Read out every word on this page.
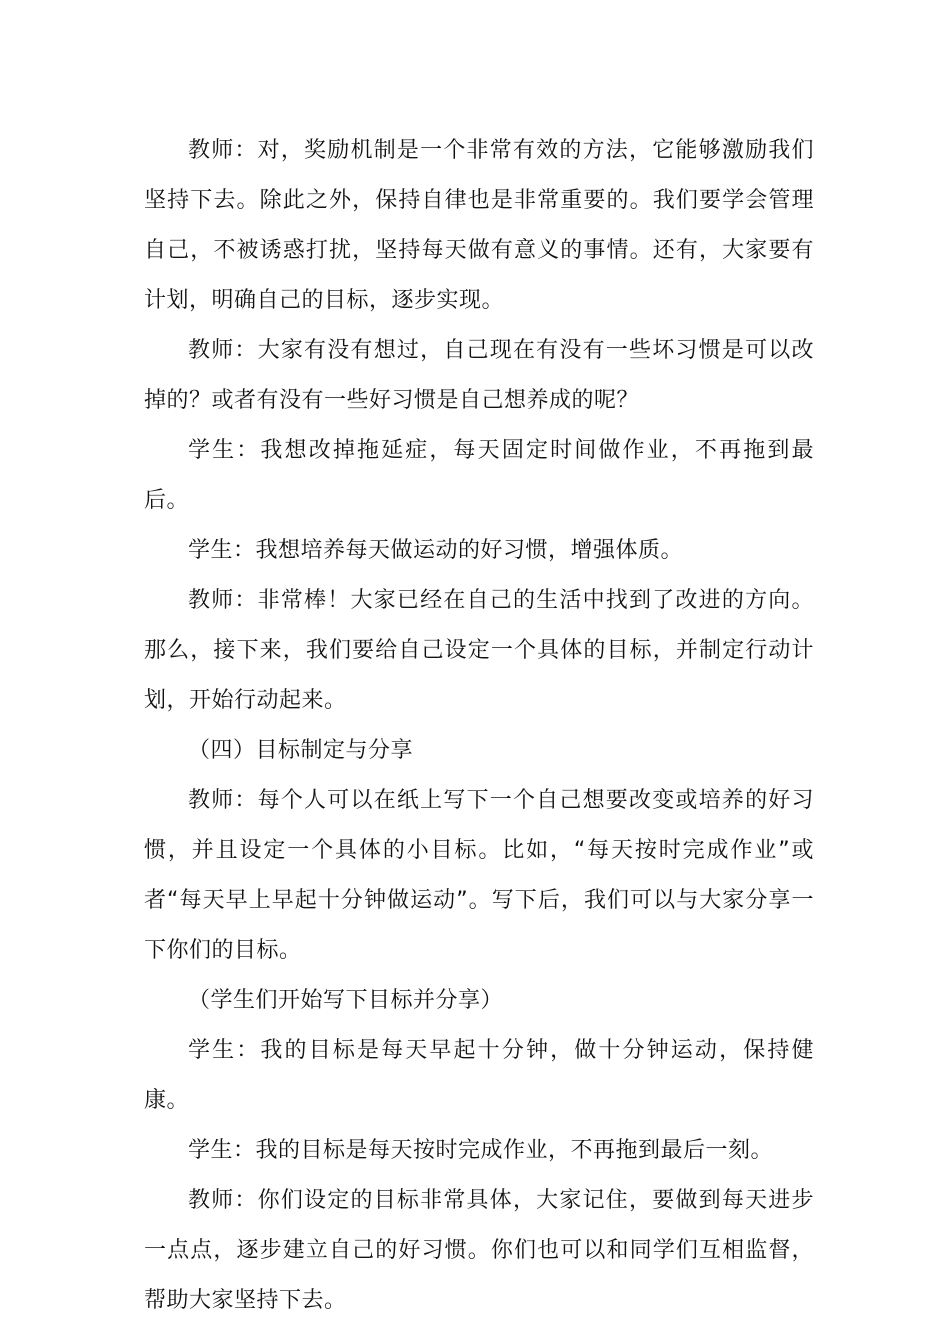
教师：对，奖励机制是一个非常有效的方法，它能够激励我们坚持下去。除此之外，保持自律也是非常重要的。我们要学会管理自己，不被诱惑打扰，坚持每天做有意义的事情。还有，大家要有计划，明确自己的目标，逐步实现。

教师：大家有没有想过，自己现在有没有一些坏习惯是可以改掉的？或者有没有一些好习惯是自己想养成的呢？

学生：我想改掉拖延症，每天固定时间做作业，不再拖到最后。

学生：我想培养每天做运动的好习惯，增强体质。

教师：非常棒！大家已经在自己的生活中找到了改进的方向。那么，接下来，我们要给自己设定一个具体的目标，并制定行动计划，开始行动起来。

（四）目标制定与分享

教师：每个人可以在纸上写下一个自己想要改变或培养的好习惯，并且设定一个具体的小目标。比如，“每天按时完成作业”或者“每天早上早起十分钟做运动”。写下后，我们可以与大家分享一下你们的目标。

（学生们开始写下目标并分享）

学生：我的目标是每天早起十分钟，做十分钟运动，保持健康。

学生：我的目标是每天按时完成作业，不再拖到最后一刻。

教师：你们设定的目标非常具体，大家记住，要做到每天进步一点点，逐步建立自己的好习惯。你们也可以和同学们互相监督，帮助大家坚持下去。
